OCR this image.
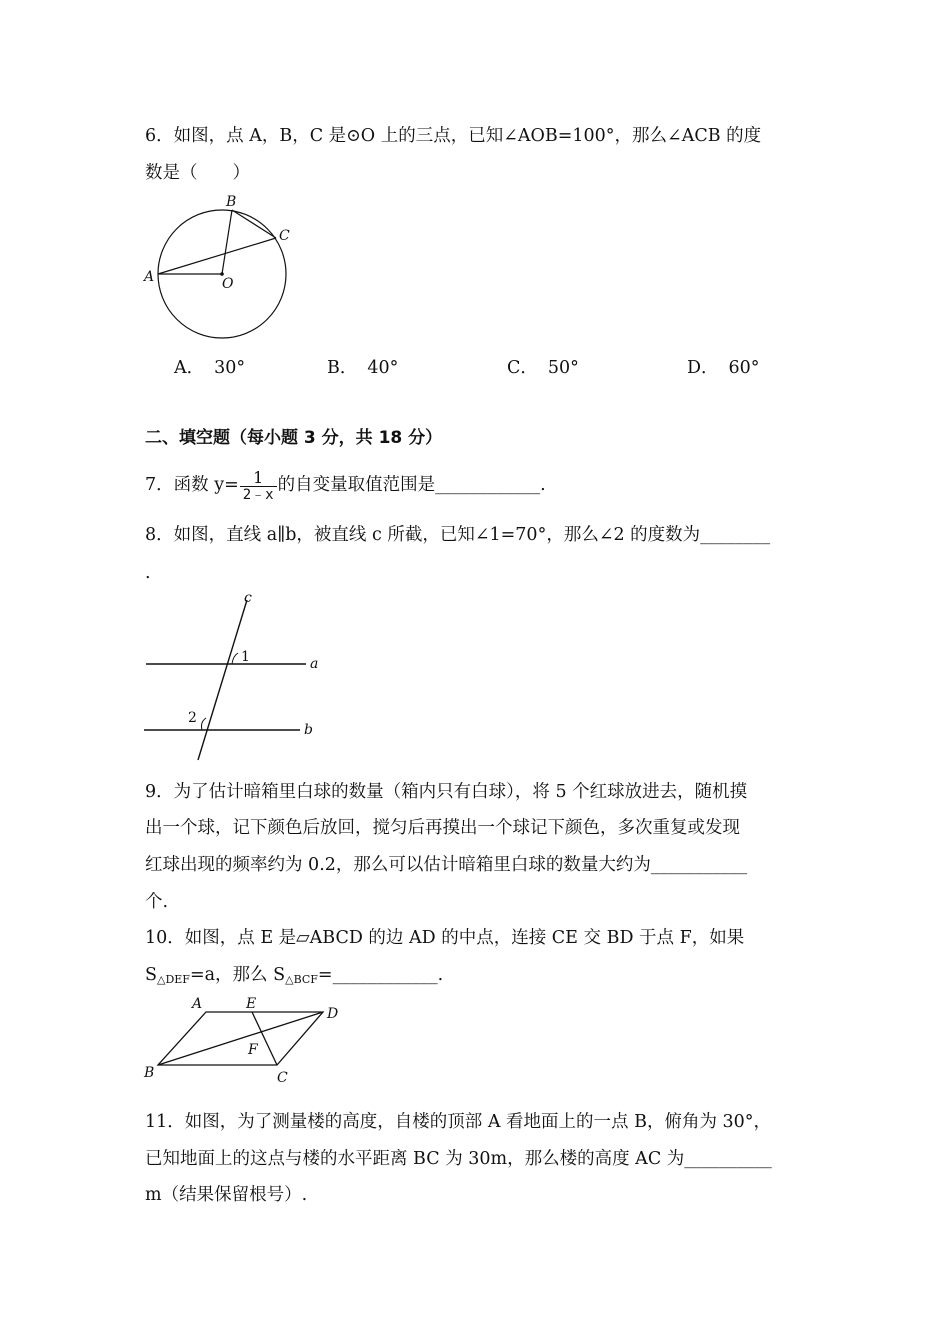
6．如图，点 A，B，C 是⊙O 上的三点，已知∠AOB=100°，那么∠ACB 的度
数是（　　）
A
B
C
O
A． 30°	B． 40°	C． 50°	D． 60°
二、填空题（每小题 3 分，共 18 分）
7．函数 $y= \frac{1}{2﹣x}$ 的自变量取值范围是____________.
8．如图，直线 a∥b，被直线 c 所截，已知∠1=70°，那么∠2 的度数为________
.
c
a
b
1
2
9．为了估计暗箱里白球的数量（箱内只有白球），将 5 个红球放进去，随机摸
出一个球，记下颜色后放回，搅匀后再摸出一个球记下颜色，多次重复或发现
红球出现的频率约为 0.2，那么可以估计暗箱里白球的数量大约为___________
个.
10．如图，点 E 是▱ABCD 的边 AD 的中点，连接 CE 交 BD 于点 F，如果
$S_{\triangle DEF}=a$，那么 $S_{\triangle BCF}=\_\_\_\_\_\_\_\_\_\_\_\_$.
A	E
D
F
B	C
11．如图，为了测量楼的高度，自楼的顶部 A 看地面上的一点 B，俯角为 30°，
已知地面上的这点与楼的水平距离 BC 为 30m，那么楼的高度 AC 为__________
m（结果保留根号）.
